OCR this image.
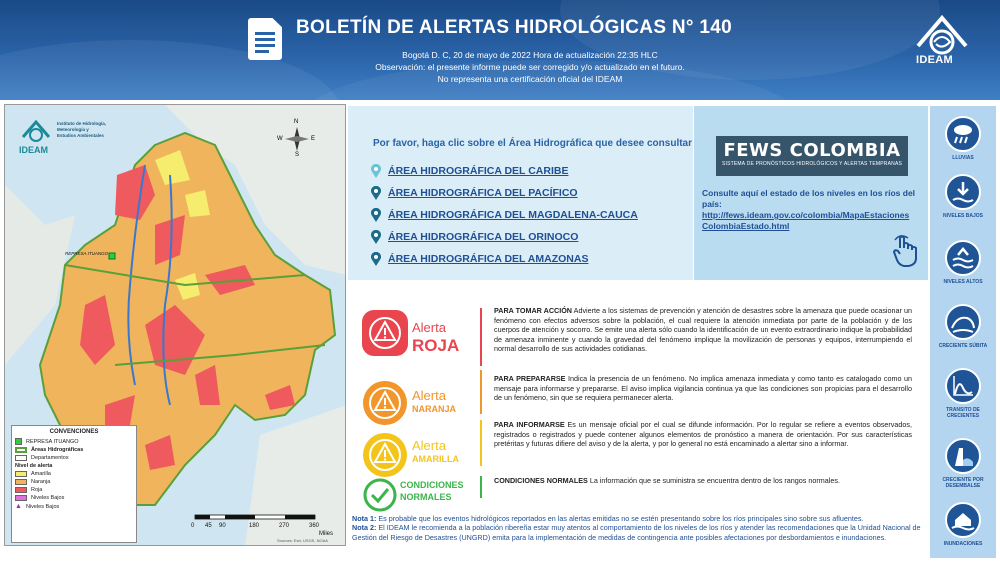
BOLETÍN DE ALERTAS HIDROLÓGICAS N° 140
Bogotá D. C, 20 de mayo de 2022 Hora de actualización 22:35 HLC
Observación: el presente informe puede ser corregido y/o actualizado en el futuro.
No representa una certificación oficial del IDEAM
IDEAM
IDEAM
Instituto de Hidrología,
Meteorología y
Estudios Ambientales
N
S
E
W
REPRESA ITUANGO
CONVENCIONES
REPRESA ITUANGO
Áreas Hidrográficas
Departamentos
Nivel de alerta
Amarilla
Naranja
Roja
Niveles Bajos
▲ Niveles Bajos
0 45 90	180	270	360
Miles
Sources: Esri, USGS, NOAA
Por favor, haga clic sobre el Área Hidrográfica que desee consultar
ÁREA HIDROGRÁFICA DEL CARIBE
ÁREA HIDROGRÁFICA DEL PACÍFICO
ÁREA HIDROGRÁFICA DEL MAGDALENA-CAUCA
ÁREA HIDROGRÁFICA DEL ORINOCO
ÁREA HIDROGRÁFICA DEL AMAZONAS
FEWS COLOMBIA
SISTEMA DE PRONÓSTICOS HIDROLÓGICOS Y ALERTAS TEMPRANAS
Consulte aquí el estado de los niveles en los ríos del país:
http://fews.ideam.gov.co/colombia/MapaEstaciones
ColombiaEstado.html
LLUVIAS
NIVELES BAJOS
NIVELES ALTOS
CRECIENTE SÚBITA
TRANSITO DE CRECIENTES
CRECIENTE POR DESEMBALSE
INUNDACIONES
Alerta
ROJA
PARA TOMAR ACCIÓN Advierte a los sistemas de prevención y atención de desastres sobre la amenaza que puede ocasionar un fenómeno con efectos adversos sobre la población, el cual requiere la atención inmediata por parte de la población y de los cuerpos de atención y socorro. Se emite una alerta sólo cuando la identificación de un evento extraordinario indique la probabilidad de amenaza inminente y cuando la gravedad del fenómeno implique la movilización de personas y equipos, interrumpiendo el normal desarrollo de sus actividades cotidianas.
Alerta
NARANJA
PARA PREPARARSE Indica la presencia de un fenómeno. No implica amenaza inmediata y como tanto es catalogado como un mensaje para informarse y prepararse. El aviso implica vigilancia continua ya que las condiciones son propicias para el desarrollo de un fenómeno, sin que se requiera permanecer alerta.
Alerta
AMARILLA
PARA INFORMARSE Es un mensaje oficial por el cual se difunde información. Por lo regular se refiere a eventos observados, registrados o registrados y puede contener algunos elementos de pronóstico a manera de orientación. Por sus características pretéritas y futuras difiere del aviso y de la alerta, y por lo general no está encaminado a alertar sino a informar.
CONDICIONES
NORMALES
CONDICIONES NORMALES La información que se suministra se encuentra dentro de los rangos normales.
Nota 1: Es probable que los eventos hidrológicos reportados en las alertas emitidas no se estén presentando sobre los ríos principales sino sobre sus afluentes.
Nota 2: El IDEAM le recomienda a la población ribereña estar muy atentos al comportamiento de los niveles de los ríos y atender las recomendaciones que la Unidad Nacional de Gestión del Riesgo de Desastres (UNGRD) emita para la implementación de medidas de contingencia ante posibles afectaciones por desbordamientos e inundaciones.
